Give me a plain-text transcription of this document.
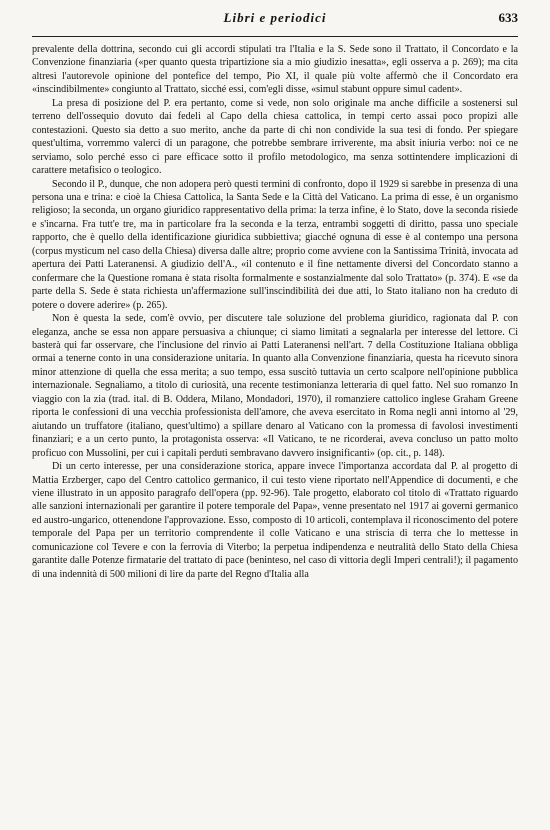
Libri e periodici	633

prevalente della dottrina, secondo cui gli accordi stipulati tra l'Italia e la S. Sede sono il Trattato, il Concordato e la Convenzione finanziaria («per quanto questa tripartizione sia a mio giudizio inesatta», egli osserva a p. 269); ma cita altresì l'autorevole opinione del pontefice del tempo, Pio XI, il quale più volte affermò che il Concordato era «inscindibilmente» congiunto al Trattato, sicché essi, com'egli disse, «simul stabunt oppure simul cadent».

La presa di posizione del P. era pertanto, come si vede, non solo originale ma anche difficile a sostenersi sul terreno dell'ossequio dovuto dai fedeli al Capo della chiesa cattolica, in tempi certo assai poco propizi alle contestazioni. Questo sia detto a suo merito, anche da parte di chi non condivide la sua tesi di fondo. Per spiegare quest'ultima, vorremmo valerci di un paragone, che potrebbe sembrare irriverente, ma absit iniuria verbo: noi ce ne serviamo, solo perché esso ci pare efficace sotto il profilo metodologico, ma senza sottintendere implicazioni di carattere metafisico o teologico.

Secondo il P., dunque, che non adopera però questi termini di confronto, dopo il 1929 si sarebbe in presenza di una persona una e trina: e cioè la Chiesa Cattolica, la Santa Sede e la Città del Vaticano. La prima di esse, è un organismo religioso; la seconda, un organo giuridico rappresentativo della prima: la terza infine, è lo Stato, dove la seconda risiede e s'incarna. Fra tutt'e tre, ma in particolare fra la seconda e la terza, entrambi soggetti di diritto, passa uno speciale rapporto, che è quello della identificazione giuridica subbiettiva; giacché ognuna di esse è al contempo una persona (corpus mysticum nel caso della Chiesa) diversa dalle altre; proprio come avviene con la Santissima Trinità, invocata ad apertura dei Patti Lateranensi. A giudizio dell'A., «il contenuto e il fine nettamente diversi del Concordato stanno a confermare che la Questione romana è stata risolta formalmente e sostanzialmente dal solo Trattato» (p. 374). E «se da parte della S. Sede è stata richiesta un'affermazione sull'inscindibilità dei due atti, lo Stato italiano non ha creduto di potere o dovere aderire» (p. 265).

Non è questa la sede, com'è ovvio, per discutere tale soluzione del problema giuridico, ragionata dal P. con eleganza, anche se essa non appare persuasiva a chiunque; ci siamo limitati a segnalarla per interesse del lettore. Ci basterà qui far osservare, che l'inclusione del rinvio ai Patti Lateranensi nell'art. 7 della Costituzione Italiana obbliga ormai a tenerne conto in una considerazione unitaria. In quanto alla Convenzione finanziaria, questa ha ricevuto sinora minor attenzione di quella che essa merita; a suo tempo, essa suscitò tuttavia un certo scalpore nell'opinione pubblica internazionale. Segnaliamo, a titolo di curiosità, una recente testimonianza letteraria di quel fatto. Nel suo romanzo In viaggio con la zia (trad. ital. di B. Oddera, Milano, Mondadori, 1970), il romanziere cattolico inglese Graham Greene riporta le confessioni di una vecchia professionista dell'amore, che aveva esercitato in Roma negli anni intorno al '29, aiutando un truffatore (italiano, quest'ultimo) a spillare denaro al Vaticano con la promessa di favolosi investimenti finanziari; e a un certo punto, la protagonista osserva: «Il Vaticano, te ne ricorderai, aveva concluso un patto molto proficuo con Mussolini, per cui i capitali perduti sembravano davvero insignificanti» (op. cit., p. 148).

Di un certo interesse, per una considerazione storica, appare invece l'importanza accordata dal P. al progetto di Mattia Erzberger, capo del Centro cattolico germanico, il cui testo viene riportato nell'Appendice di documenti, e che viene illustrato in un apposito paragrafo dell'opera (pp. 92-96). Tale progetto, elaborato col titolo di «Trattato riguardo alle sanzioni internazionali per garantire il potere temporale del Papa», venne presentato nel 1917 ai governi germanico ed austro-ungarico, ottenendone l'approvazione. Esso, composto di 10 articoli, contemplava il riconoscimento del potere temporale del Papa per un territorio comprendente il colle Vaticano e una striscia di terra che lo mettesse in comunicazione col Tevere e con la ferrovia di Viterbo; la perpetua indipendenza e neutralità dello Stato della Chiesa garantite dalle Potenze firmatarie del trattato di pace (beninteso, nel caso di vittoria degli Imperi centrali!); il pagamento di una indennità di 500 milioni di lire da parte del Regno d'Italia alla
